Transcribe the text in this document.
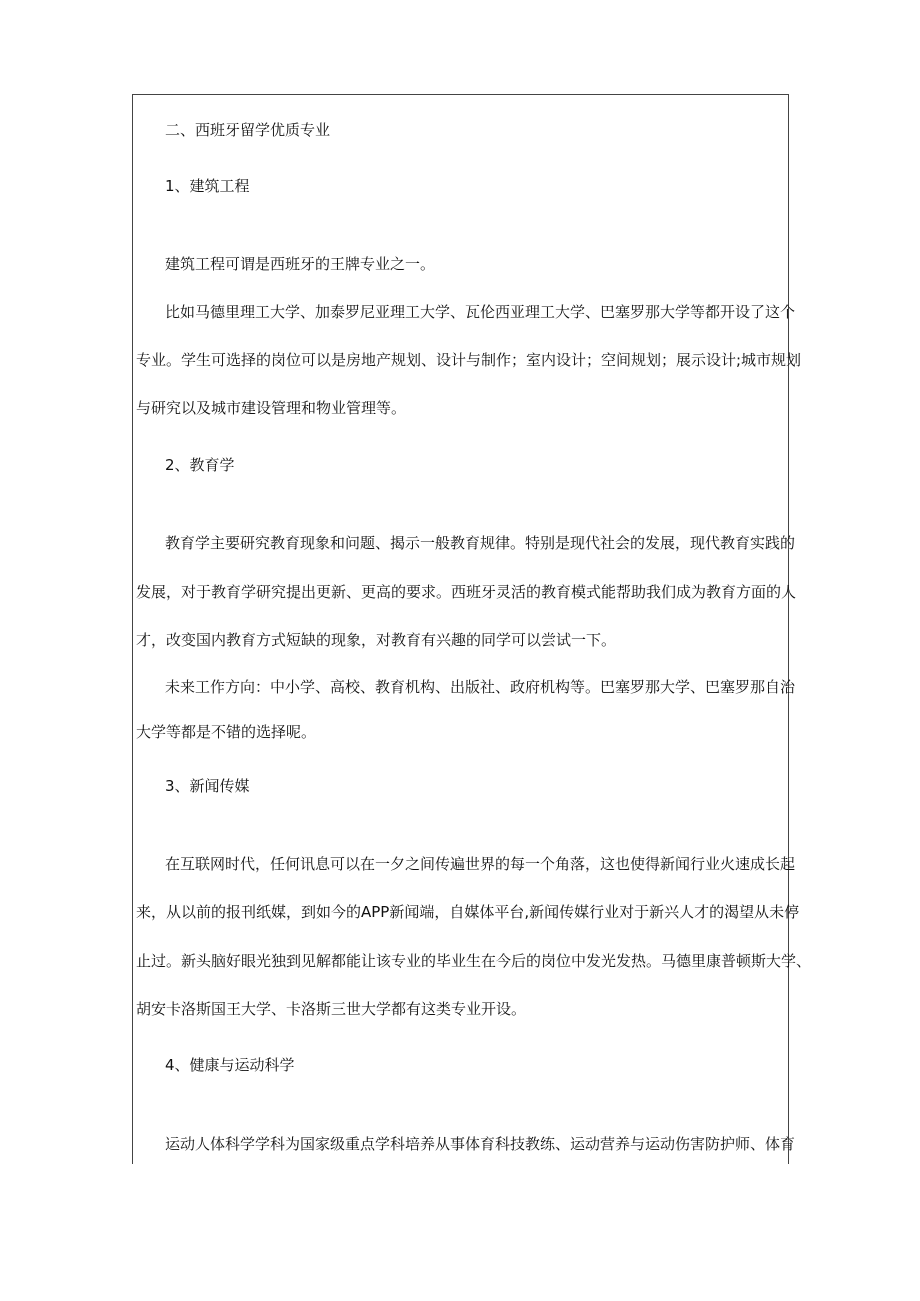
二、西班牙留学优质专业

1、建筑工程

建筑工程可谓是西班牙的王牌专业之一。

比如马德里理工大学、加泰罗尼亚理工大学、瓦伦西亚理工大学、巴塞罗那大学等都开设了这个

专业。学生可选择的岗位可以是房地产规划、设计与制作；室内设计；空间规划；展示设计;城市规划

与研究以及城市建设管理和物业管理等。

2、教育学

教育学主要研究教育现象和问题、揭示一般教育规律。特别是现代社会的发展，现代教育实践的

发展，对于教育学研究提出更新、更高的要求。西班牙灵活的教育模式能帮助我们成为教育方面的人

才，改变国内教育方式短缺的现象，对教育有兴趣的同学可以尝试一下。

未来工作方向：中小学、高校、教育机构、出版社、政府机构等。巴塞罗那大学、巴塞罗那自治

大学等都是不错的选择呢。

3、新闻传媒

在互联网时代，任何讯息可以在一夕之间传遍世界的每一个角落，这也使得新闻行业火速成长起

来，从以前的报刊纸媒，到如今的APP新闻端，自媒体平台,新闻传媒行业对于新兴人才的渴望从未停

止过。新头脑好眼光独到见解都能让该专业的毕业生在今后的岗位中发光发热。马德里康普顿斯大学、

胡安卡洛斯国王大学、卡洛斯三世大学都有这类专业开设。

4、健康与运动科学

运动人体科学学科为国家级重点学科培养从事体育科技教练、运动营养与运动伤害防护师、体育
